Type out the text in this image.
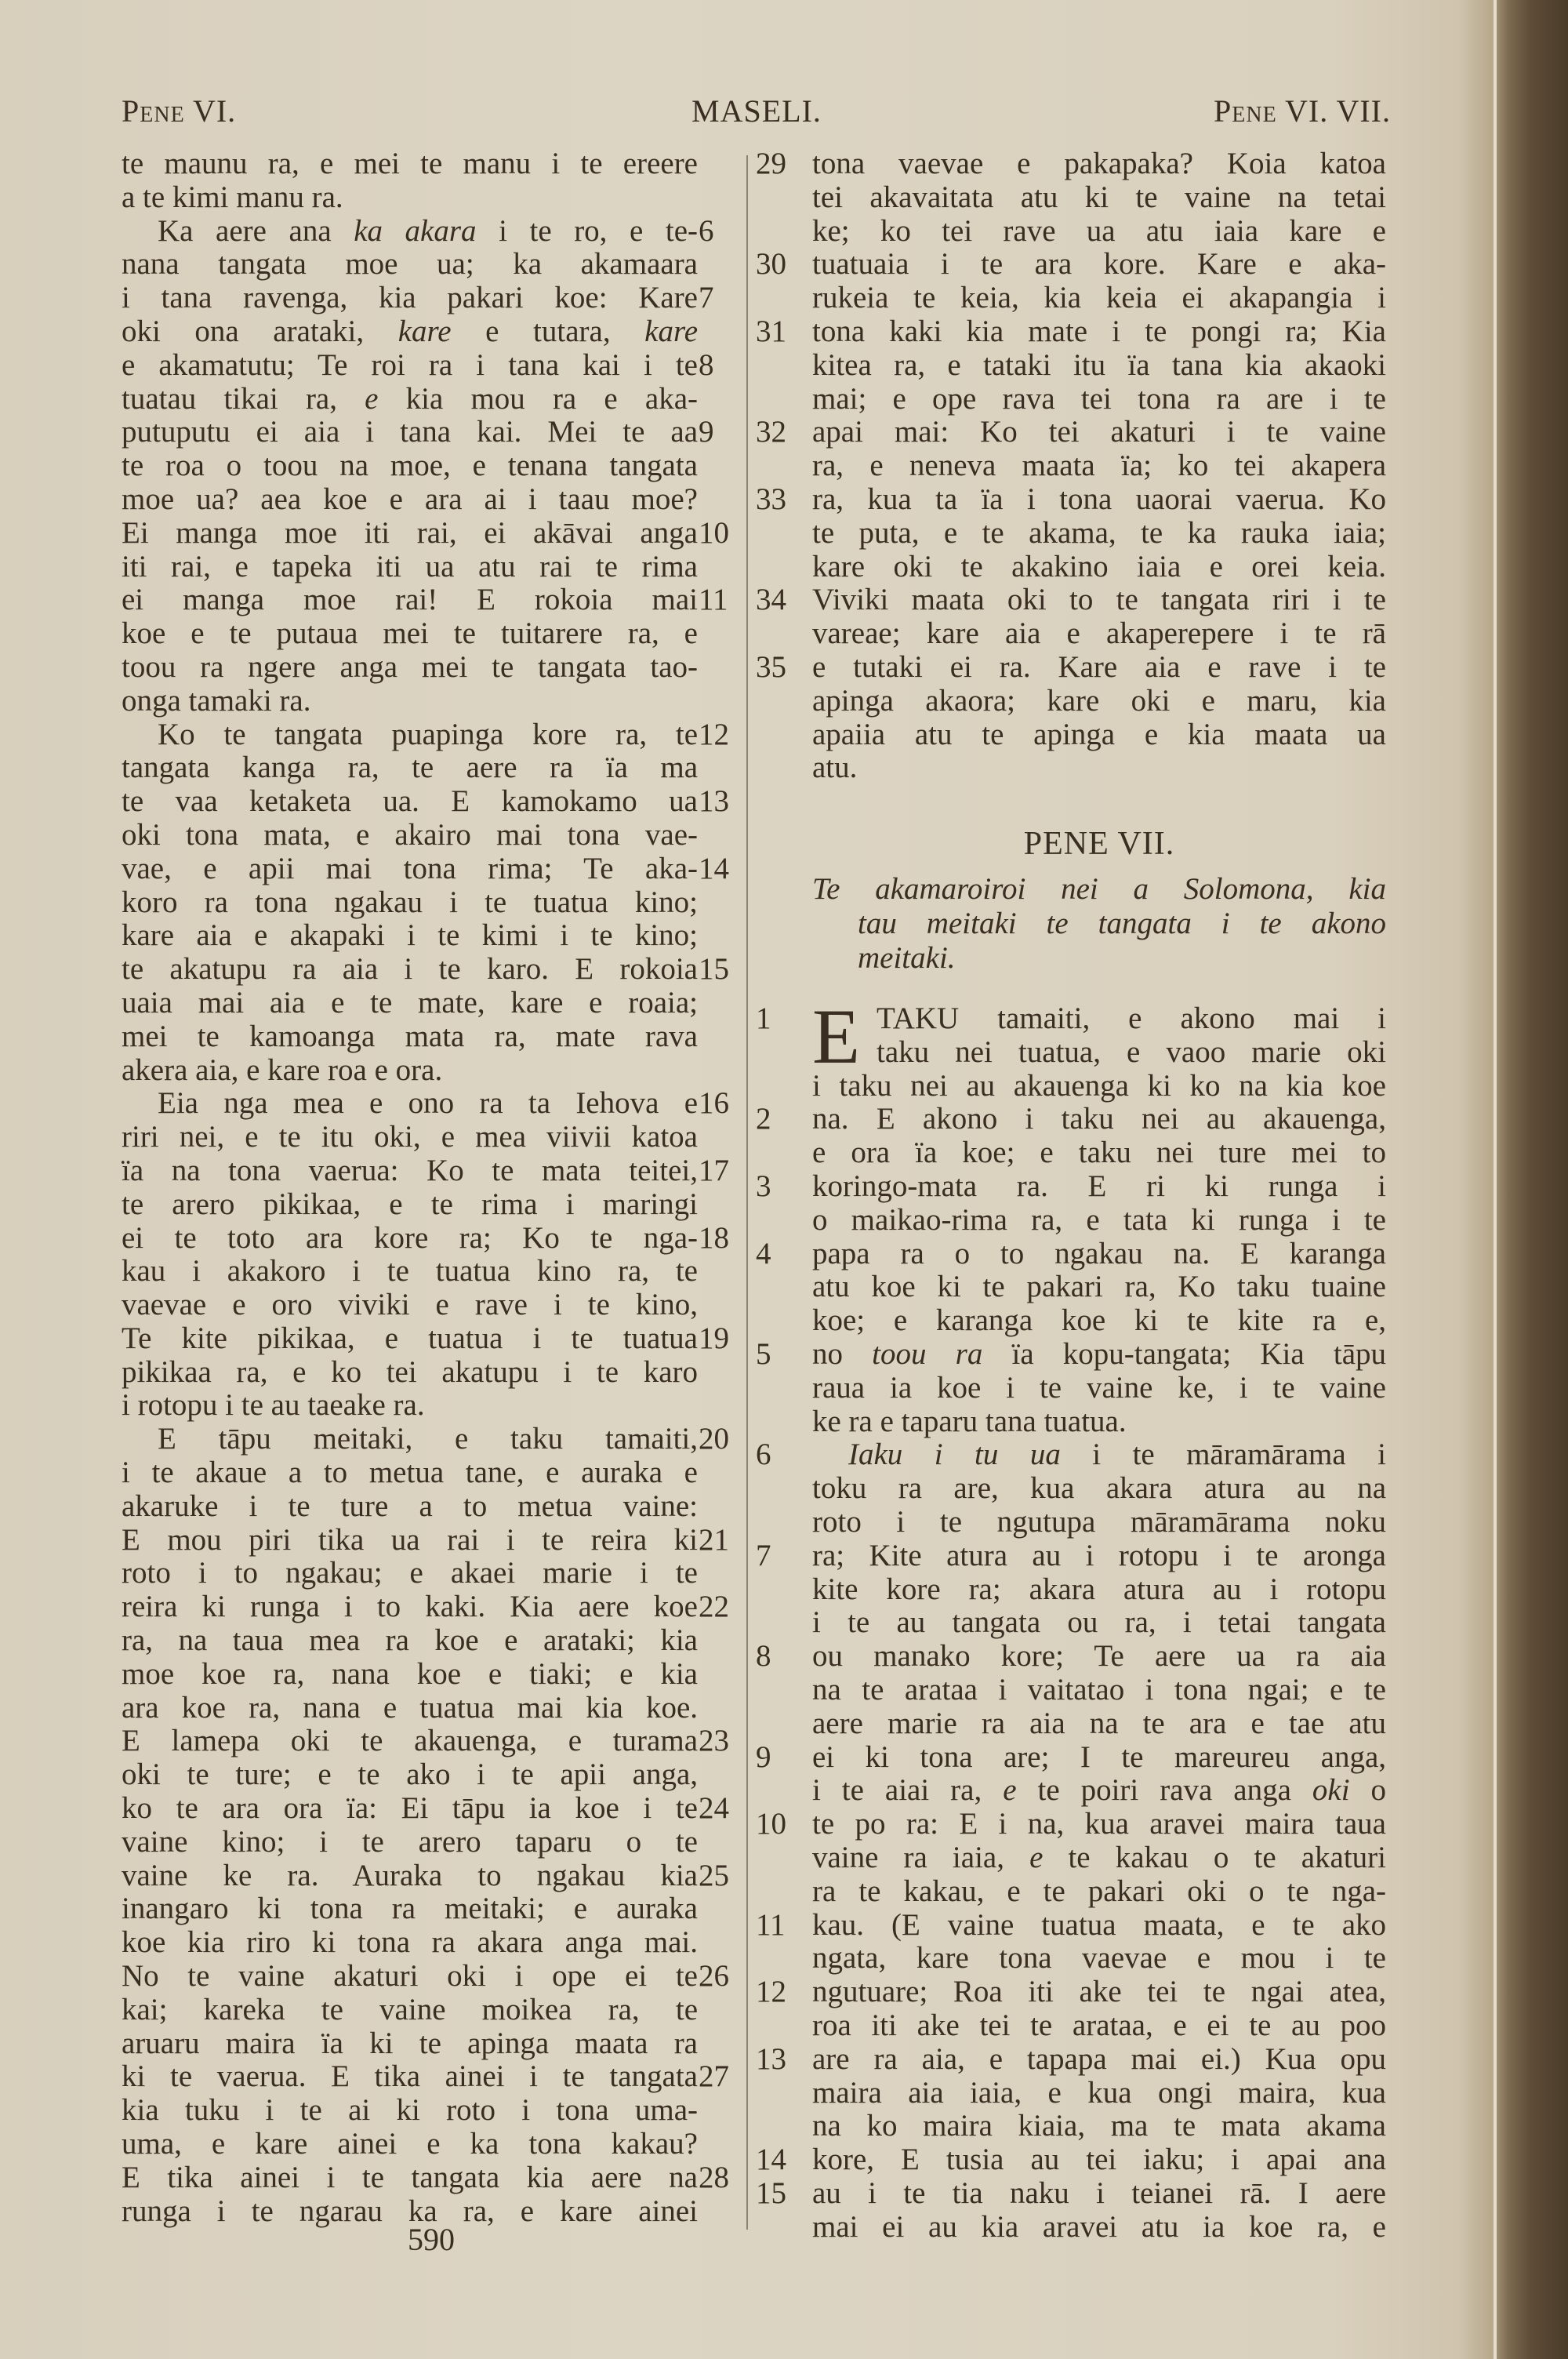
Pene VI.	MASELI.	Pene VI. VII.
te maunu ra, e mei te manu i te ereere
a te kimi manu ra.
Ka aere ana ka akara i te ro, e te- 6
nana tangata moe ua; ka akamaara
i tana ravenga, kia pakari koe: Kare 7
oki ona arataki, kare e tutara, kare
e akamatutu; Te roi ra i tana kai i te 8
tuatau tikai ra, e kia mou ra e aka-
putuputu ei aia i tana kai. Mei te aa 9
te roa o toou na moe, e tenana tangata
moe ua? aea koe e ara ai i taau moe?
Ei manga moe iti rai, ei akāvai anga 10
iti rai, e tapeka iti ua atu rai te rima
ei manga moe rai! E rokoia mai 11
koe e te putaua mei te tuitarere ra, e
toou ra ngere anga mei te tangata tao-
onga tamaki ra.
Ko te tangata puapinga kore ra, te 12
tangata kanga ra, te aere ra ïa ma
te vaa ketaketa ua. E kamokamo ua 13
oki tona mata, e akairo mai tona vae-
vae, e apii mai tona rima; Te aka- 14
koro ra tona ngakau i te tuatua kino;
kare aia e akapaki i te kimi i te kino;
te akatupu ra aia i te karo. E rokoia 15
uaia mai aia e te mate, kare e roaia;
mei te kamoanga mata ra, mate rava
akera aia, e kare roa e ora.
Eia nga mea e ono ra ta Iehova e 16
riri nei, e te itu oki, e mea viivii katoa
ïa na tona vaerua: Ko te mata teitei, 17
te arero pikikaa, e te rima i maringi
ei te toto ara kore ra; Ko te nga- 18
kau i akakoro i te tuatua kino ra, te
vaevae e oro viviki e rave i te kino,
Te kite pikikaa, e tuatua i te tuatua 19
pikikaa ra, e ko tei akatupu i te karo
i rotopu i te au taeake ra.
E tāpu meitaki, e taku tamaiti, 20
i te akaue a to metua tane, e auraka e
akaruke i te ture a to metua vaine:
E mou piri tika ua rai i te reira ki 21
roto i to ngakau; e akaei marie i te
reira ki runga i to kaki. Kia aere koe 22
ra, na taua mea ra koe e arataki; kia
moe koe ra, nana koe e tiaki; e kia
ara koe ra, nana e tuatua mai kia koe.
E lamepa oki te akauenga, e turama 23
oki te ture; e te ako i te apii anga,
ko te ara ora ïa: Ei tāpu ia koe i te 24
vaine kino; i te arero taparu o te
vaine ke ra. Auraka to ngakau kia 25
inangaro ki tona ra meitaki; e auraka
koe kia riro ki tona ra akara anga mai.
No te vaine akaturi oki i ope ei te 26
kai; kareka te vaine moikea ra, te
aruaru maira ïa ki te apinga maata ra
ki te vaerua. E tika ainei i te tangata 27
kia tuku i te ai ki roto i tona uma-
uma, e kare ainei e ka tona kakau?
E tika ainei i te tangata kia aere na 28
runga i te ngarau ka ra, e kare ainei
tona vaevae e pakapaka? Koia katoa
29
tei akavaitata atu ki te vaine na tetai
ke; ko tei rave ua atu iaia kare e
tuatuaia i te ara kore. Kare e aka-
30
rukeia te keia, kia keia ei akapangia i
tona kaki kia mate i te pongi ra; Kia
31
kitea ra, e tataki itu ïa tana kia akaoki
mai; e ope rava tei tona ra are i te
apai mai: Ko tei akaturi i te vaine
32
ra, e neneva maata ïa; ko tei akapera
ra, kua ta ïa i tona uaorai vaerua. Ko
33
te puta, e te akama, te ka rauka iaia;
kare oki te akakino iaia e orei keia.
Viviki maata oki to te tangata riri i te
34
vareae; kare aia e akaperepere i te rā
e tutaki ei ra. Kare aia e rave i te
35
apinga akaora; kare oki e maru, kia
apaiia atu te apinga e kia maata ua
atu.
PENE VII.
Te akamaroiroi nei a Solomona, kia
tau meitaki te tangata i te akono
meitaki.
E TAKU tamaiti, e akono mai i
1
taku nei tuatua, e vaoo marie oki
i taku nei au akauenga ki ko na kia koe
na. E akono i taku nei au akauenga,
2
e ora ïa koe; e taku nei ture mei to
koringo-mata ra. E ri ki runga i
3
o maikao-rima ra, e tata ki runga i te
papa ra o to ngakau na. E karanga
4
atu koe ki te pakari ra, Ko taku tuaine
koe; e karanga koe ki te kite ra e,
no toou ra ïa kopu-tangata; Kia tāpu
5
raua ia koe i te vaine ke, i te vaine
ke ra e taparu tana tuatua.
Iaku i tu ua i te māramārama i
6
toku ra are, kua akara atura au na
roto i te ngutupa māramārama noku
ra; Kite atura au i rotopu i te aronga
7
kite kore ra; akara atura au i rotopu
i te au tangata ou ra, i tetai tangata
ou manako kore; Te aere ua ra aia
8
na te arataa i vaitatao i tona ngai; e te
aere marie ra aia na te ara e tae atu
ei ki tona are; I te mareureu anga,
9
i te aiai ra, e te poiri rava anga oki o
te po ra: E i na, kua aravei maira taua
10
vaine ra iaia, e te kakau o te akaturi
ra te kakau, e te pakari oki o te nga-
kau. (E vaine tuatua maata, e te ako
11
ngata, kare tona vaevae e mou i te
ngutuare; Roa iti ake tei te ngai atea,
12
roa iti ake tei te arataa, e ei te au poo
are ra aia, e tapapa mai ei.) Kua opu
13
maira aia iaia, e kua ongi maira, kua
na ko maira kiaia, ma te mata akama
kore, E tusia au tei iaku; i apai ana
14
au i te tia naku i teianei rā. I aere
15
mai ei au kia aravei atu ia koe ra, e
590
